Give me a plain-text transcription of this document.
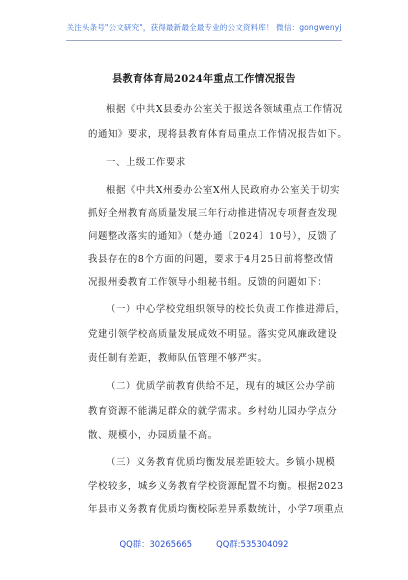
关注头条号"公文研究"，获得最新最全最专业的公文资料库！ 微信：gongwenyj
县教育体育局2024年重点工作情况报告
根据《中共X县委办公室关于报送各领域重点工作情况
的通知》要求，现将县教育体育局重点工作情况报告如下。
一、上级工作要求
根据《中共X州委办公室X州人民政府办公室关于切实
抓好全州教育高质量发展三年行动推进情况专项督查发现
问题整改落实的通知》（楚办通〔2024〕10号），反馈了
我县存在的8个方面的问题，要求于4月25日前将整改情
况报州委教育工作领导小组秘书组。反馈的问题如下：
（一）中心学校党组织领导的校长负责工作推进滞后，
党建引领学校高质量发展成效不明显。落实党风廉政建设
责任制有差距，教师队伍管理不够严实。
（二）优质学前教育供给不足，现有的城区公办学前
教育资源不能满足群众的就学需求。乡村幼儿园办学点分
散、规模小，办园质量不高。
（三）义务教育优质均衡发展差距较大。乡镇小规模
学校较多，城乡义务教育学校资源配置不均衡。根据2023
年县市义务教育优质均衡校际差异系数统计，小学7项重点
QQ群：30265665	QQ群:535304092
